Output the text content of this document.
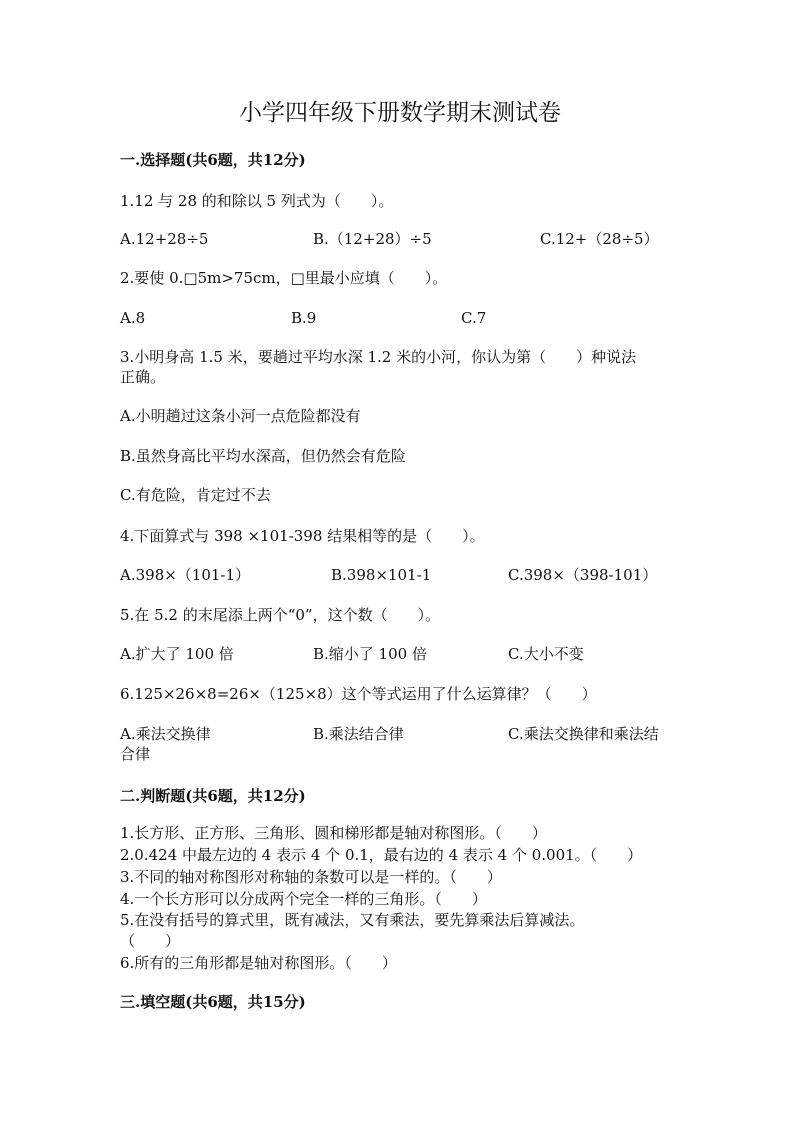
小学四年级下册数学期末测试卷
一.选择题(共6题，共12分)
1.12 与 28 的和除以 5 列式为（　　）。
A.12+28÷5	B.（12+28）÷5	C.12+（28÷5）
2.要使 0.□5m>75cm，□里最小应填（　　）。
A.8	B.9	C.7
3.小明身高 1.5 米，要趟过平均水深 1.2 米的小河，你认为第（　　）种说法
正确。
A.小明趟过这条小河一点危险都没有
B.虽然身高比平均水深高，但仍然会有危险
C.有危险，肯定过不去
4.下面算式与 398 ×101-398 结果相等的是（　　）。
A.398×（101-1）	B.398×101-1	C.398×（398-101）
5.在 5.2 的末尾添上两个“0”，这个数（　　）。
A.扩大了 100 倍	B.缩小了 100 倍	C.大小不变
6.125×26×8=26×（125×8）这个等式运用了什么运算律？（　　）
A.乘法交换律	B.乘法结合律	C.乘法交换律和乘法结
合律
二.判断题(共6题，共12分)
1.长方形、正方形、三角形、圆和梯形都是轴对称图形。（　　）
2.0.424 中最左边的 4 表示 4 个 0.1，最右边的 4 表示 4 个 0.001。（　　）
3.不同的轴对称图形对称轴的条数可以是一样的。（　　）
4.一个长方形可以分成两个完全一样的三角形。（　　）
5.在没有括号的算式里，既有减法，又有乘法，要先算乘法后算减法。
（　　）
6.所有的三角形都是轴对称图形。（　　）
三.填空题(共6题，共15分)
